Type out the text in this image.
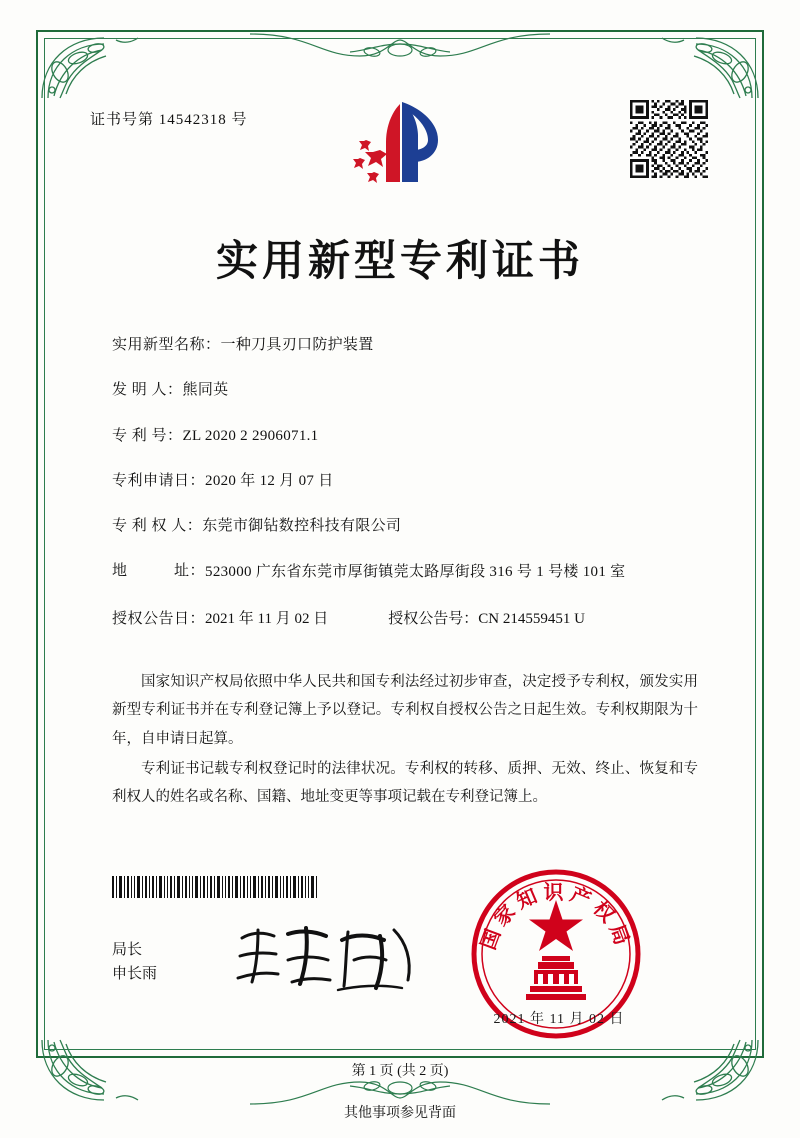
证书号第 14542318 号
实用新型专利证书
实用新型名称： 一种刀具刃口防护装置
发 明 人： 熊同英
专 利 号： ZL 2020 2 2906071.1
专利申请日： 2020 年 12 月 07 日
专 利 权 人： 东莞市御钻数控科技有限公司
地　　　址： 523000 广东省东莞市厚街镇莞太路厚街段 316 号 1 号楼 101 室
授权公告日： 2021 年 11 月 02 日	授权公告号： CN 214559451 U

国家知识产权局依照中华人民共和国专利法经过初步审查，决定授予专利权，颁发实用新型专利证书并在专利登记簿上予以登记。专利权自授权公告之日起生效。专利权期限为十年，自申请日起算。

专利证书记载专利权登记时的法律状况。专利权的转移、质押、无效、终止、恢复和专利权人的姓名或名称、国籍、地址变更等事项记载在专利登记簿上。

局长
申长雨
国家知识产权局
2021 年 11 月 02 日
第 1 页 (共 2 页)
其他事项参见背面
